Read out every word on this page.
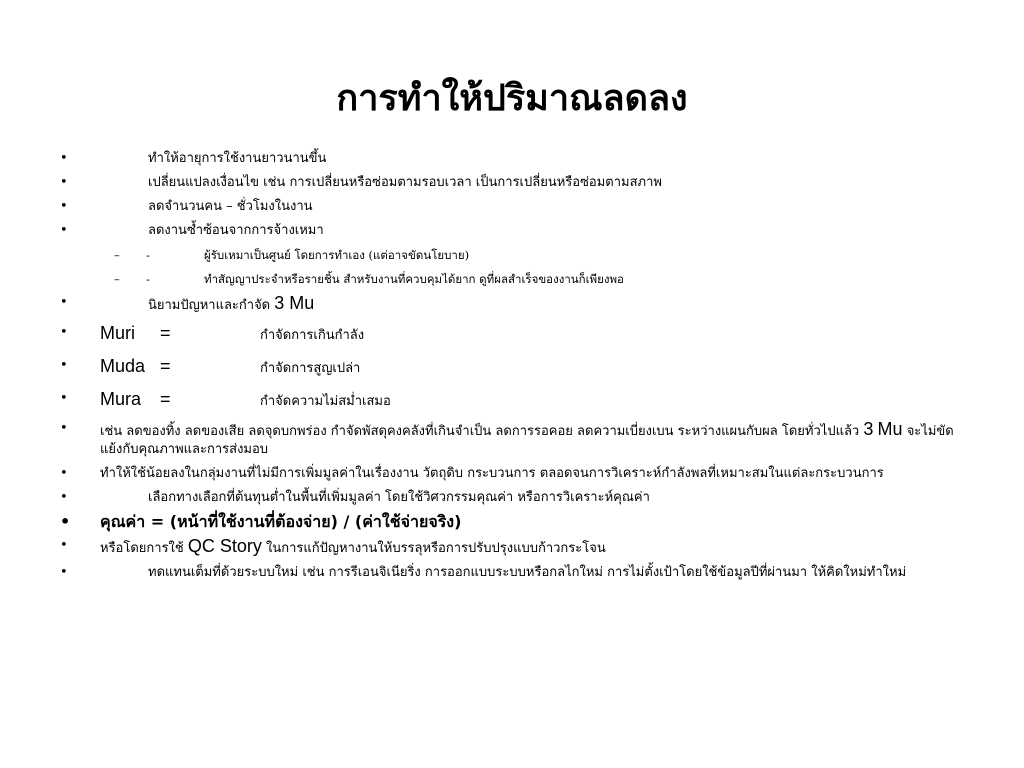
การทำให้ปริมาณลดลง
•	ทำให้อายุการใช้งานยาวนานขึ้น
•	เปลี่ยนแปลงเงื่อนไข เช่น การเปลี่ยนหรือซ่อมตามรอบเวลา เป็นการเปลี่ยนหรือซ่อมตามสภาพ
•	ลดจำนวนคน – ชั่วโมงในงาน
•	ลดงานซ้ำซ้อนจากการจ้างเหมา
–	-	ผู้รับเหมาเป็นศูนย์ โดยการทำเอง (แต่อาจขัดนโยบาย)
–	-	ทำสัญญาประจำหรือรายชิ้น สำหรับงานที่ควบคุมได้ยาก ดูที่ผลสำเร็จของงานก็เพียงพอ
•	นิยามปัญหาและกำจัด 3 Mu
•	Muri =	กำจัดการเกินกำลัง
•	Muda =	กำจัดการสูญเปล่า
•	Mura =	กำจัดความไม่สม่ำเสมอ
•	เช่น ลดของทิ้ง ลดของเสีย ลดจุดบกพร่อง กำจัดพัสดุคงคลังที่เกินจำเป็น ลดการรอคอย ลดความเบี่ยงเบน ระหว่างแผนกับผล โดยทั่วไปแล้ว 3 Mu จะไม่ขัดแย้งกับคุณภาพและการส่งมอบ
•	ทำให้ใช้น้อยลงในกลุ่มงานที่ไม่มีการเพิ่มมูลค่าในเรื่องงาน วัตถุดิบ กระบวนการ ตลอดจนการวิเคราะห์กำลังพลที่เหมาะสมในแต่ละกระบวนการ
•	เลือกทางเลือกที่ต้นทุนต่ำในพื้นที่เพิ่มมูลค่า โดยใช้วิศวกรรมคุณค่า หรือการวิเคราะห์คุณค่า
•	คุณค่า = (หน้าที่ใช้งานที่ต้องจ่าย) / (ค่าใช้จ่ายจริง)
•	หรือโดยการใช้ QC Story ในการแก้ปัญหางานให้บรรลุหรือการปรับปรุงแบบก้าวกระโจน
•	ทดแทนเต็มที่ด้วยระบบใหม่ เช่น การรีเอนจิเนียริ่ง การออกแบบระบบหรือกลไกใหม่ การไม่ตั้งเป้าโดยใช้ข้อมูลปีที่ผ่านมา ให้คิดใหม่ทำใหม่
